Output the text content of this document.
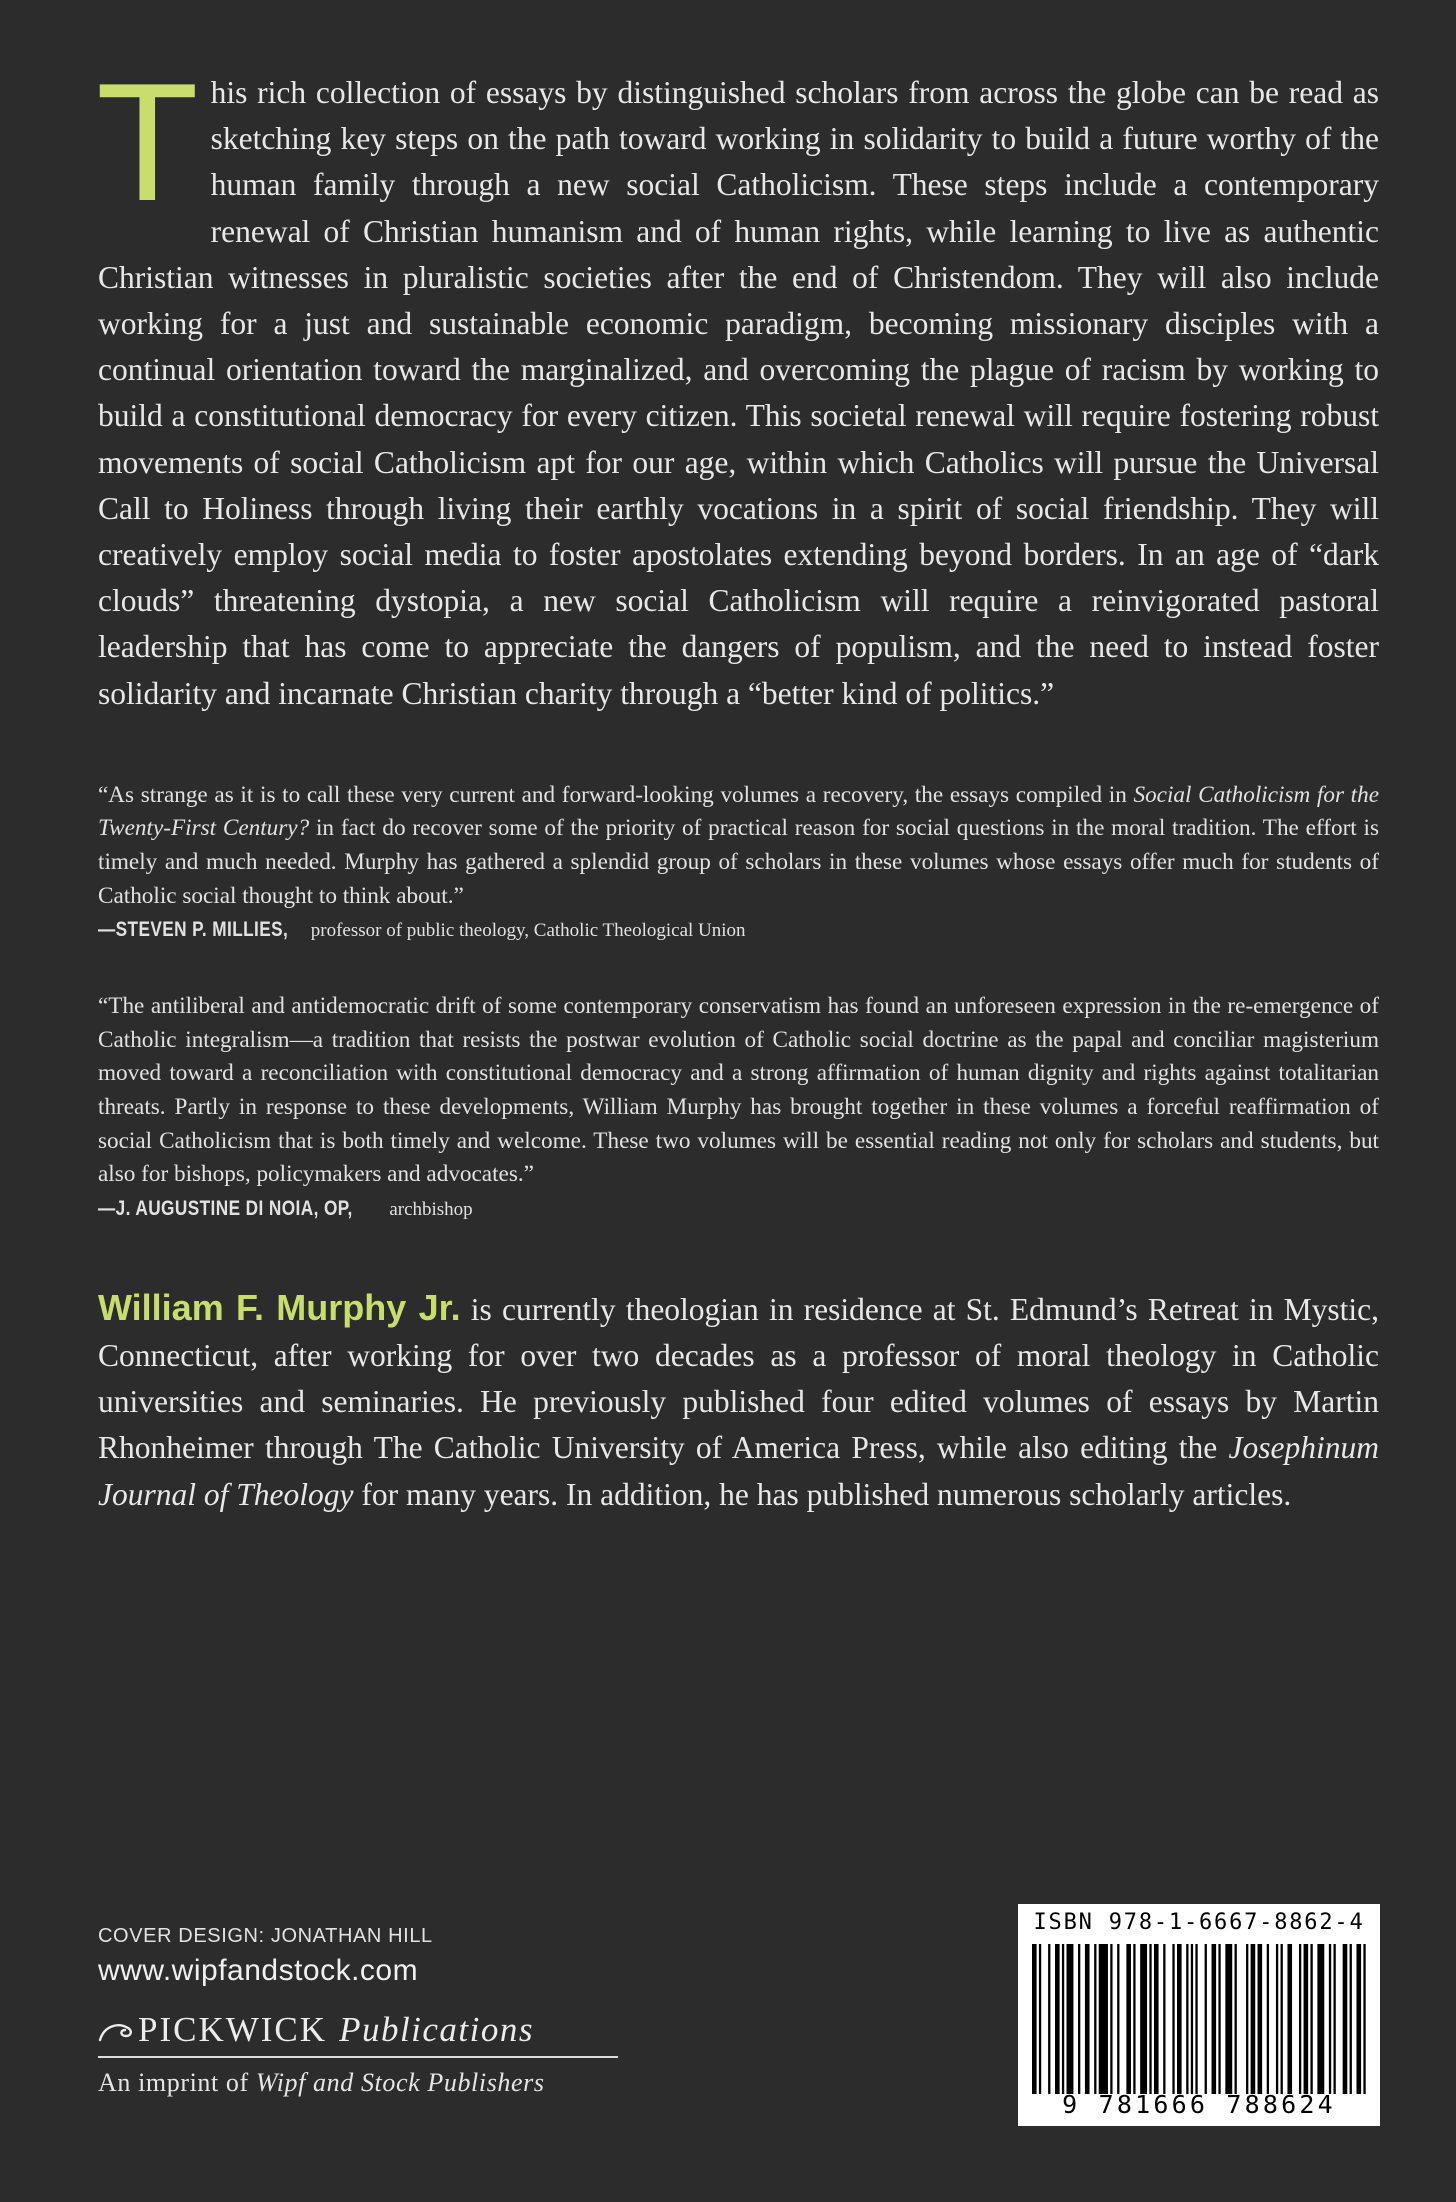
This rich collection of essays by distinguished scholars from across the globe can be read as sketching key steps on the path toward working in solidarity to build a future worthy of the human family through a new social Catholicism. These steps include a contemporary renewal of Christian humanism and of human rights, while learning to live as authentic Christian witnesses in pluralistic societies after the end of Christendom. They will also include working for a just and sustainable economic paradigm, becoming missionary disciples with a continual orientation toward the marginalized, and overcoming the plague of racism by working to build a constitutional democracy for every citizen. This societal renewal will require fostering robust movements of social Catholicism apt for our age, within which Catholics will pursue the Universal Call to Holiness through living their earthly vocations in a spirit of social friendship. They will creatively employ social media to foster apostolates extending beyond borders. In an age of “dark clouds” threatening dystopia, a new social Catholicism will require a reinvigorated pastoral leadership that has come to appreciate the dangers of populism, and the need to instead foster solidarity and incarnate Christian charity through a “better kind of politics.”

“As strange as it is to call these very current and forward-looking volumes a recovery, the essays compiled in Social Catholicism for the Twenty-First Century? in fact do recover some of the priority of practical reason for social questions in the moral tradition. The effort is timely and much needed. Murphy has gathered a splendid group of scholars in these volumes whose essays offer much for students of Catholic social thought to think about.”

—STEVEN P. MILLIES, professor of public theology, Catholic Theological Union

“The antiliberal and antidemocratic drift of some contemporary conservatism has found an unforeseen expression in the re-emergence of Catholic integralism—a tradition that resists the postwar evolution of Catholic social doctrine as the papal and conciliar magisterium moved toward a reconciliation with constitutional democracy and a strong affirmation of human dignity and rights against totalitarian threats. Partly in response to these developments, William Murphy has brought together in these volumes a forceful reaffirmation of social Catholicism that is both timely and welcome. These two volumes will be essential reading not only for scholars and students, but also for bishops, policymakers and advocates.”

—J. AUGUSTINE DI NOIA, OP, archbishop

William F. Murphy Jr. is currently theologian in residence at St. Edmund’s Retreat in Mystic, Connecticut, after working for over two decades as a professor of moral theology in Catholic universities and seminaries. He previously published four edited volumes of essays by Martin Rhonheimer through The Catholic University of America Press, while also editing the Josephinum Journal of Theology for many years. In addition, he has published numerous scholarly articles.

COVER DESIGN: JONATHAN HILL
www.wipfandstock.com
PICKWICK Publications
An imprint of Wipf and Stock Publishers
ISBN 978-1-6667-8862-4
9 781666 788624
